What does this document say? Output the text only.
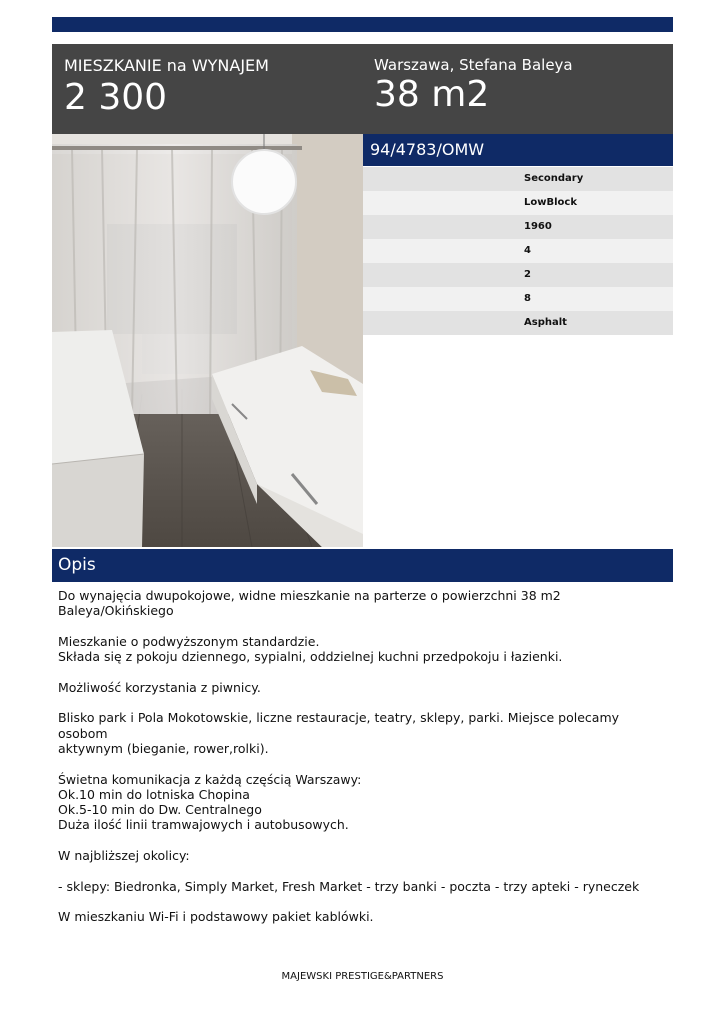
MIESZKANIE na WYNAJEM
2 300
Warszawa, Stefana Baleya
38 m2
94/4783/OMW
Secondary
LowBlock
1960
4
2
8
Asphalt
Opis

Do wynajęcia dwupokojowe, widne mieszkanie na parterze o powierzchni 38 m2
Baleya/Okińskiego

Mieszkanie o podwyższonym standardzie.
Składa się z pokoju dziennego, sypialni, oddzielnej kuchni przedpokoju i łazienki.

Możliwość korzystania z piwnicy.

Blisko park i Pola Mokotowskie, liczne restauracje, teatry, sklepy, parki. Miejsce polecamy osobom
aktywnym (bieganie, rower,rolki).

Świetna komunikacja z każdą częścią Warszawy:
Ok.10 min do lotniska Chopina
Ok.5-10 min do Dw. Centralnego
Duża ilość linii tramwajowych i autobusowych.

W najbliższej okolicy:

- sklepy: Biedronka, Simply Market, Fresh Market - trzy banki - poczta - trzy apteki - ryneczek

W mieszkaniu Wi-Fi i podstawowy pakiet kablówki.

MAJEWSKI PRESTIGE&PARTNERS
